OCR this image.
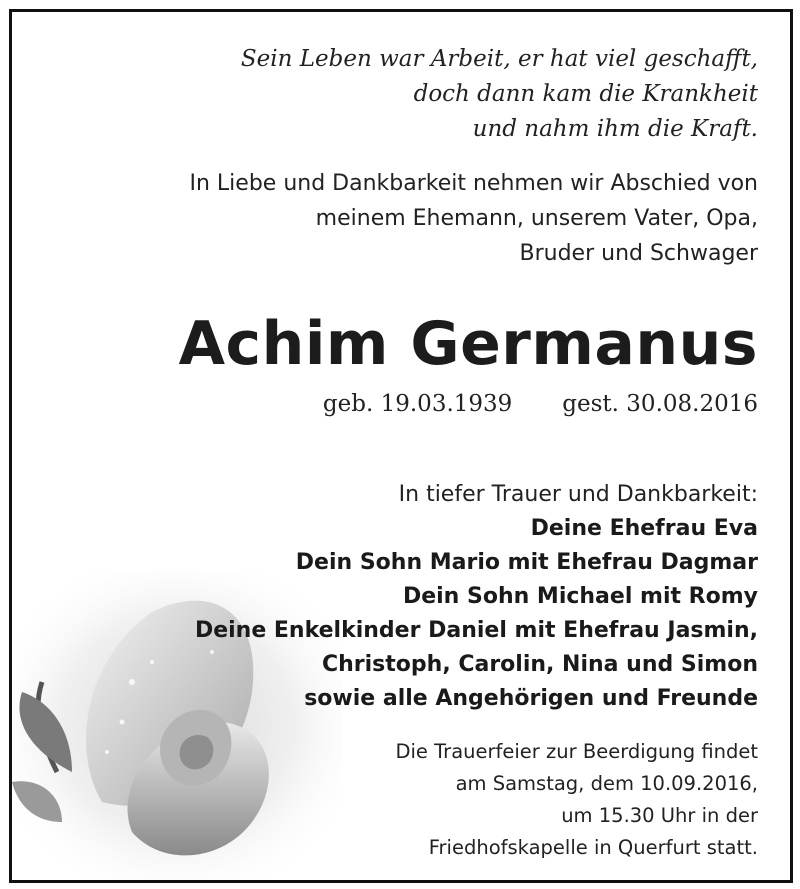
Sein Leben war Arbeit, er hat viel geschafft,
doch dann kam die Krankheit
und nahm ihm die Kraft.
In Liebe und Dankbarkeit nehmen wir Abschied von
meinem Ehemann, unserem Vater, Opa,
Bruder und Schwager
Achim Germanus
geb. 19.03.1939 gest. 30.08.2016
In tiefer Trauer und Dankbarkeit:
Deine Ehefrau Eva
Dein Sohn Mario mit Ehefrau Dagmar
Dein Sohn Michael mit Romy
Deine Enkelkinder Daniel mit Ehefrau Jasmin,
Christoph, Carolin, Nina und Simon
sowie alle Angehörigen und Freunde
Die Trauerfeier zur Beerdigung findet
am Samstag, dem 10.09.2016,
um 15.30 Uhr in der
Friedhofskapelle in Querfurt statt.
